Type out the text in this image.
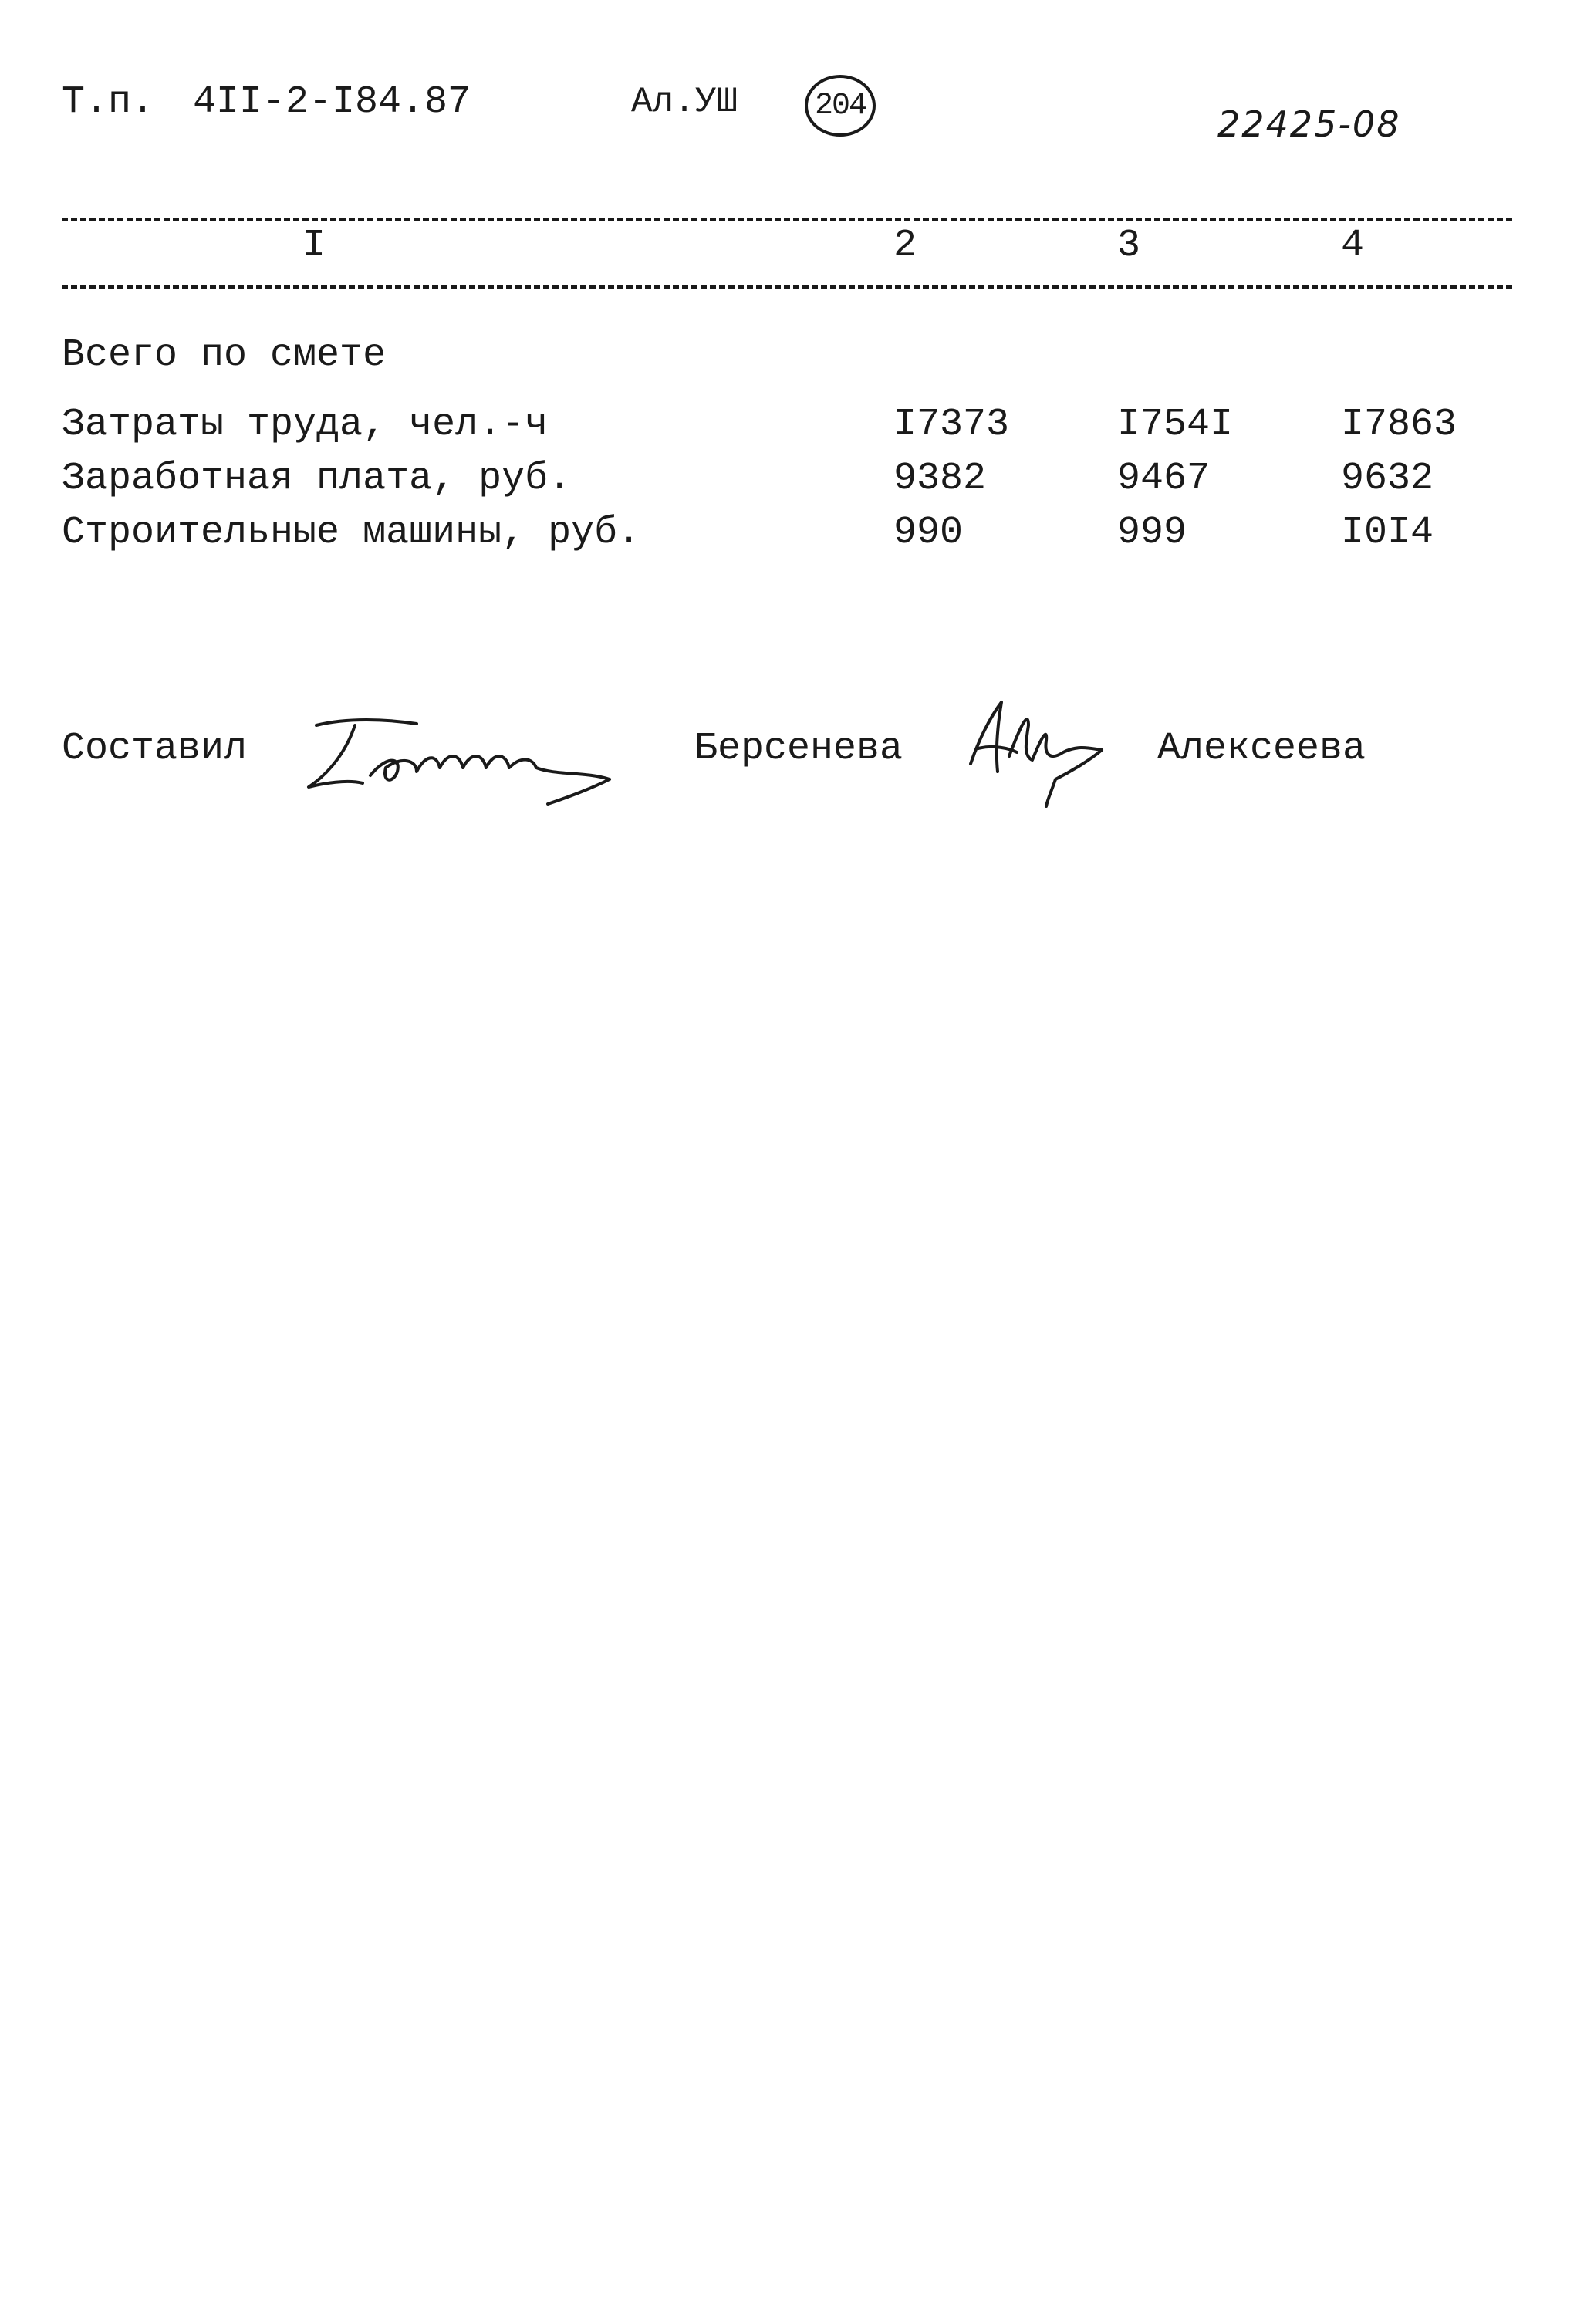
Т.п. 4II-2-I84.87	Ал.УШ	204	22425-08
I	2	3	4
Всего по смете
Затраты труда, чел.-ч	I7373	I754I	I7863
Заработная плата, руб.	9382	9467	9632
Строительные машины, руб.	990	999	I0I4
Составил	Берсенева	Алексеева
